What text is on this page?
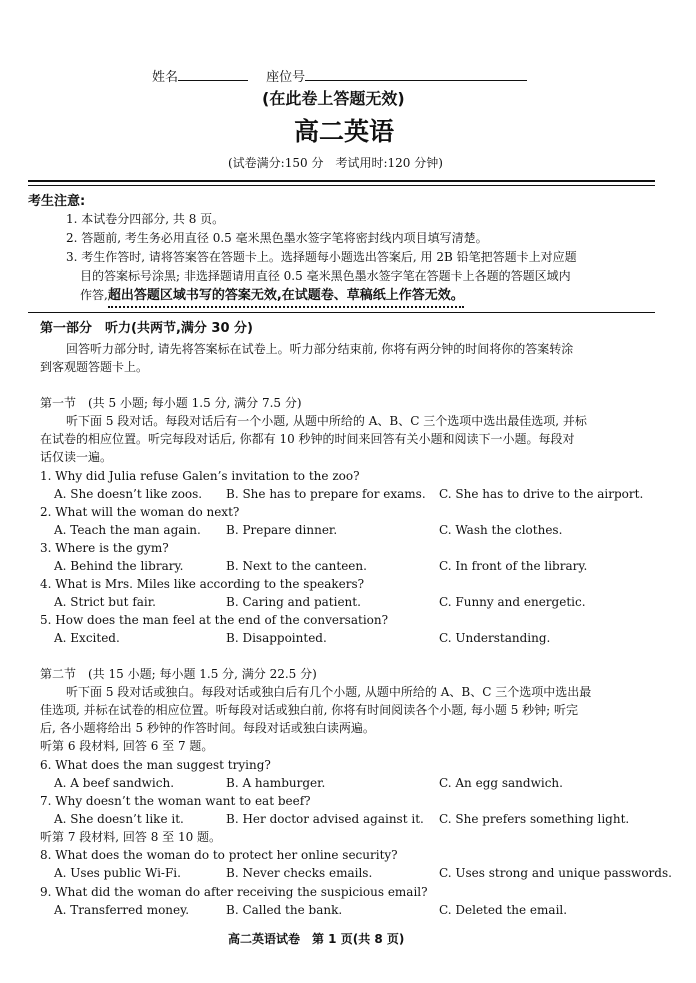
姓名	座位号
(在此卷上答题无效)
高二英语
(试卷满分:150 分　考试用时:120 分钟)
考生注意:
1. 本试卷分四部分, 共 8 页。
2. 答题前, 考生务必用直径 0.5 毫米黑色墨水签字笔将密封线内项目填写清楚。
3. 考生作答时, 请将答案答在答题卡上。选择题每小题选出答案后, 用 2B 铅笔把答题卡上对应题
目的答案标号涂黑; 非选择题请用直径 0.5 毫米黑色墨水签字笔在答题卡上各题的答题区域内
作答,超出答题区域书写的答案无效,在试题卷、草稿纸上作答无效。
第一部分　听力(共两节,满分 30 分)
回答听力部分时, 请先将答案标在试卷上。听力部分结束前, 你将有两分钟的时间将你的答案转涂
到客观题答题卡上。
第一节　(共 5 小题; 每小题 1.5 分, 满分 7.5 分)
听下面 5 段对话。每段对话后有一个小题, 从题中所给的 A、B、C 三个选项中选出最佳选项, 并标
在试卷的相应位置。听完每段对话后, 你都有 10 秒钟的时间来回答有关小题和阅读下一小题。每段对
话仅读一遍。
1. Why did Julia refuse Galen’s invitation to the zoo?
A. She doesn’t like zoos. B. She has to prepare for exams. C. She has to drive to the airport.
2. What will the woman do next?
A. Teach the man again. B. Prepare dinner.	C. Wash the clothes.
3. Where is the gym?
A. Behind the library.	B. Next to the canteen.	C. In front of the library.
4. What is Mrs. Miles like according to the speakers?
A. Strict but fair.	B. Caring and patient.	C. Funny and energetic.
5. How does the man feel at the end of the conversation?
A. Excited.	B. Disappointed.	C. Understanding.
第二节　(共 15 小题; 每小题 1.5 分, 满分 22.5 分)
听下面 5 段对话或独白。每段对话或独白后有几个小题, 从题中所给的 A、B、C 三个选项中选出最
佳选项, 并标在试卷的相应位置。听每段对话或独白前, 你将有时间阅读各个小题, 每小题 5 秒钟; 听完
后, 各小题将给出 5 秒钟的作答时间。每段对话或独白读两遍。
听第 6 段材料, 回答 6 至 7 题。
6. What does the man suggest trying?
A. A beef sandwich.	B. A hamburger.	C. An egg sandwich.
7. Why doesn’t the woman want to eat beef?
A. She doesn’t like it.	B. Her doctor advised against it. C. She prefers something light.
听第 7 段材料, 回答 8 至 10 题。
8. What does the woman do to protect her online security?
A. Uses public Wi-Fi.	B. Never checks emails.	C. Uses strong and unique passwords.
9. What did the woman do after receiving the suspicious email?
A. Transferred money.	B. Called the bank.	C. Deleted the email.
高二英语试卷　第 1 页(共 8 页)
